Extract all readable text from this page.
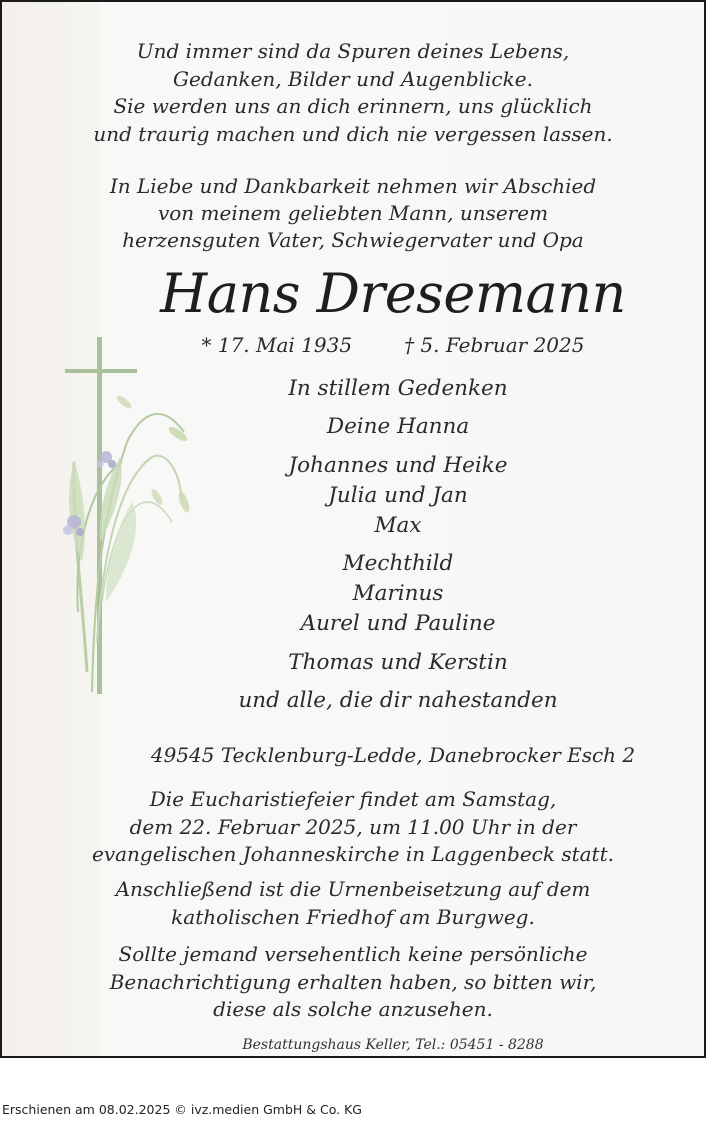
Und immer sind da Spuren deines Lebens,
Gedanken, Bilder und Augenblicke.
Sie werden uns an dich erinnern, uns glücklich
und traurig machen und dich nie vergessen lassen.
In Liebe und Dankbarkeit nehmen wir Abschied
von meinem geliebten Mann, unserem
herzensguten Vater, Schwiegervater und Opa
Hans Dresemann
* 17. Mai 1935	† 5. Februar 2025
In stillem Gedenken
Deine Hanna
Johannes und Heike
Julia und Jan
Max
Mechthild
Marinus
Aurel und Pauline
Thomas und Kerstin
und alle, die dir nahestanden
49545 Tecklenburg-Ledde, Danebrocker Esch 2
Die Eucharistiefeier findet am Samstag,
dem 22. Februar 2025, um 11.00 Uhr in der
evangelischen Johanneskirche in Laggenbeck statt.
Anschließend ist die Urnenbeisetzung auf dem
katholischen Friedhof am Burgweg.
Sollte jemand versehentlich keine persönliche
Benachrichtigung erhalten haben, so bitten wir,
diese als solche anzusehen.
Bestattungshaus Keller, Tel.: 05451 - 8288
Erschienen am 08.02.2025 © ivz.medien GmbH & Co. KG
